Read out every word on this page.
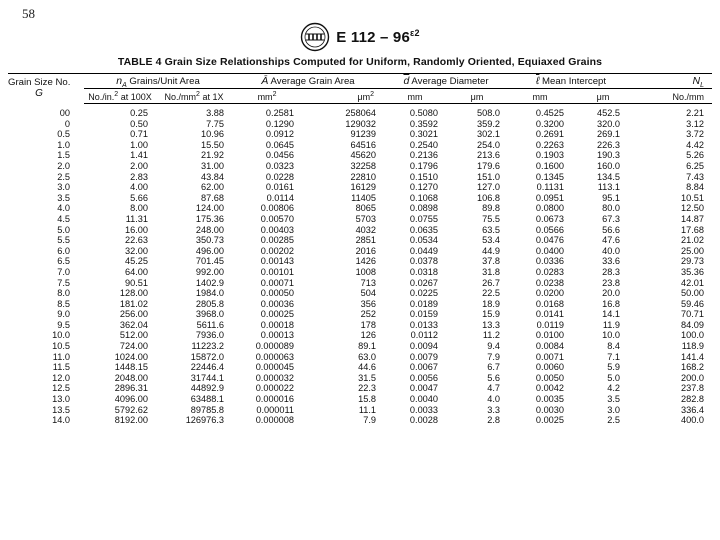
58
E $112 - 96^{\varepsilon 2}$
TABLE 4 Grain Size Relationships Computed for Uniform, Randomly Oriented, Equiaxed Grains
Grain Size No.
G	$n_A$ Grains/Unit Area		Ā Average Grain Area		$\overline{d}$ Average Diameter		ℓ Mean Intercept		$N_L$
	No./in.$^2$ at 100X	$No./mm^2$ at 1X	$mm^2$	$\mu m^2$	mm	μm	mm	μm	No./mm
00	0.25	3.88	0.2581	258064	0.5080	508.0	0.4525	452.5	2.21
0	0.50	7.75	0.1290	129032	0.3592	359.2	0.3200	320.0	3.12
0.5	0.71	10.96	0.0912	91239	0.3021	302.1	0.2691	269.1	3.72
1.0	1.00	15.50	0.0645	64516	0.2540	254.0	0.2263	226.3	4.42
1.5	1.41	21.92	0.0456	45620	0.2136	213.6	0.1903	190.3	5.26
2.0	2.00	31.00	0.0323	32258	0.1796	179.6	0.1600	160.0	6.25
2.5	2.83	43.84	0.0228	22810	0.1510	151.0	0.1345	134.5	7.43
3.0	4.00	62.00	0.0161	16129	0.1270	127.0	0.1131	113.1	8.84
3.5	5.66	87.68	0.0114	11405	0.1068	106.8	0.0951	95.1	10.51
4.0	8.00	124.00	0.00806	8065	0.0898	89.8	0.0800	80.0	12.50
4.5	11.31	175.36	0.00570	5703	0.0755	75.5	0.0673	67.3	14.87
5.0	16.00	248.00	0.00403	4032	0.0635	63.5	0.0566	56.6	17.68
5.5	22.63	350.73	0.00285	2851	0.0534	53.4	0.0476	47.6	21.02
6.0	32.00	496.00	0.00202	2016	0.0449	44.9	0.0400	40.0	25.00
6.5	45.25	701.45	0.00143	1426	0.0378	37.8	0.0336	33.6	29.73
7.0	64.00	992.00	0.00101	1008	0.0318	31.8	0.0283	28.3	35.36
7.5	90.51	1402.9	0.00071	713	0.0267	26.7	0.0238	23.8	42.01
8.0	128.00	1984.0	0.00050	504	0.0225	22.5	0.0200	20.0	50.00
8.5	181.02	2805.8	0.00036	356	0.0189	18.9	0.0168	16.8	59.46
9.0	256.00	3968.0	0.00025	252	0.0159	15.9	0.0141	14.1	70.71
9.5	362.04	5611.6	0.00018	178	0.0133	13.3	0.0119	11.9	84.09
10.0	512.00	7936.0	0.00013	126	0.0112	11.2	0.0100	10.0	100.0
10.5	724.00	11223.2	0.000089	89.1	0.0094	9.4	0.0084	8.4	118.9
11.0	1024.00	15872.0	0.000063	63.0	0.0079	7.9	0.0071	7.1	141.4
11.5	1448.15	22446.4	0.000045	44.6	0.0067	6.7	0.0060	5.9	168.2
12.0	2048.00	31744.1	0.000032	31.5	0.0056	5.6	0.0050	5.0	200.0
12.5	2896.31	44892.9	0.000022	22.3	0.0047	4.7	0.0042	4.2	237.8
13.0	4096.00	63488.1	0.000016	15.8	0.0040	4.0	0.0035	3.5	282.8
13.5	5792.62	89785.8	0.000011	11.1	0.0033	3.3	0.0030	3.0	336.4
14.0	8192.00	126976.3	0.000008	7.9	0.0028	2.8	0.0025	2.5	400.0
